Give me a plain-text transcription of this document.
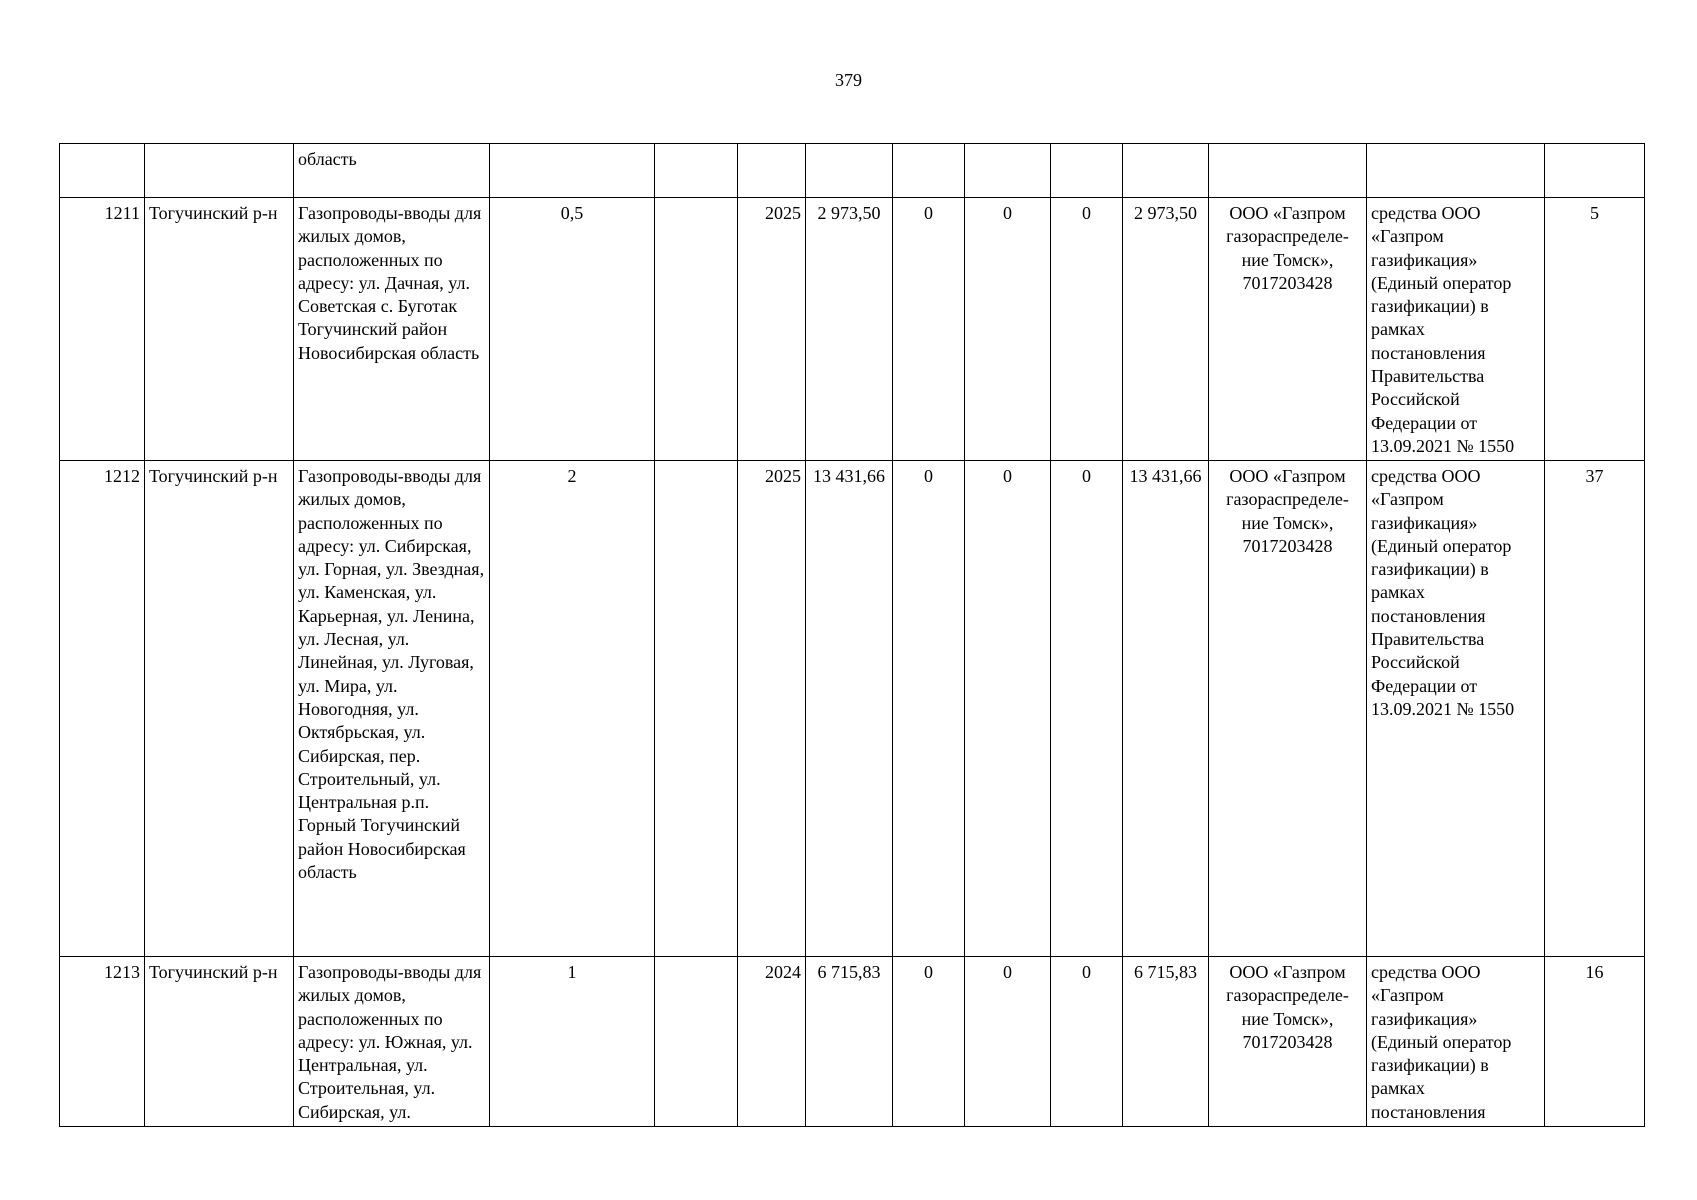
379
		область											
1211	Тогучинский р-н	Газопроводы-вводы для жилых домов, расположенных по адресу: ул. Дачная, ул. Советская с. Буготак Тогучинский район Новосибирская область	0,5		2025	2 973,50	0	0	0	2 973,50	ООО «Газпром газораспределе-ние Томск», 7017203428	средства ООО «Газпром газификация» (Единый оператор газификации) в рамках постановления Правительства Российской Федерации от 13.09.2021 № 1550	5
1212	Тогучинский р-н	Газопроводы-вводы для жилых домов, расположенных по адресу: ул. Сибирская, ул. Горная, ул. Звездная, ул. Каменская, ул. Карьерная, ул. Ленина, ул. Лесная, ул. Линейная, ул. Луговая, ул. Мира, ул. Новогодняя, ул. Октябрьская, ул. Сибирская, пер. Строительный, ул. Центральная р.п. Горный Тогучинский район Новосибирская область	2		2025	13 431,66	0	0	0	13 431,66	ООО «Газпром газораспределе-ние Томск», 7017203428	средства ООО «Газпром газификация» (Единый оператор газификации) в рамках постановления Правительства Российской Федерации от 13.09.2021 № 1550	37
1213	Тогучинский р-н	Газопроводы-вводы для жилых домов, расположенных по адресу: ул. Южная, ул. Центральная, ул. Строительная, ул. Сибирская, ул.	1		2024	6 715,83	0	0	0	6 715,83	ООО «Газпром газораспределе-ние Томск», 7017203428	средства ООО «Газпром газификация» (Единый оператор газификации) в рамках постановления	16
